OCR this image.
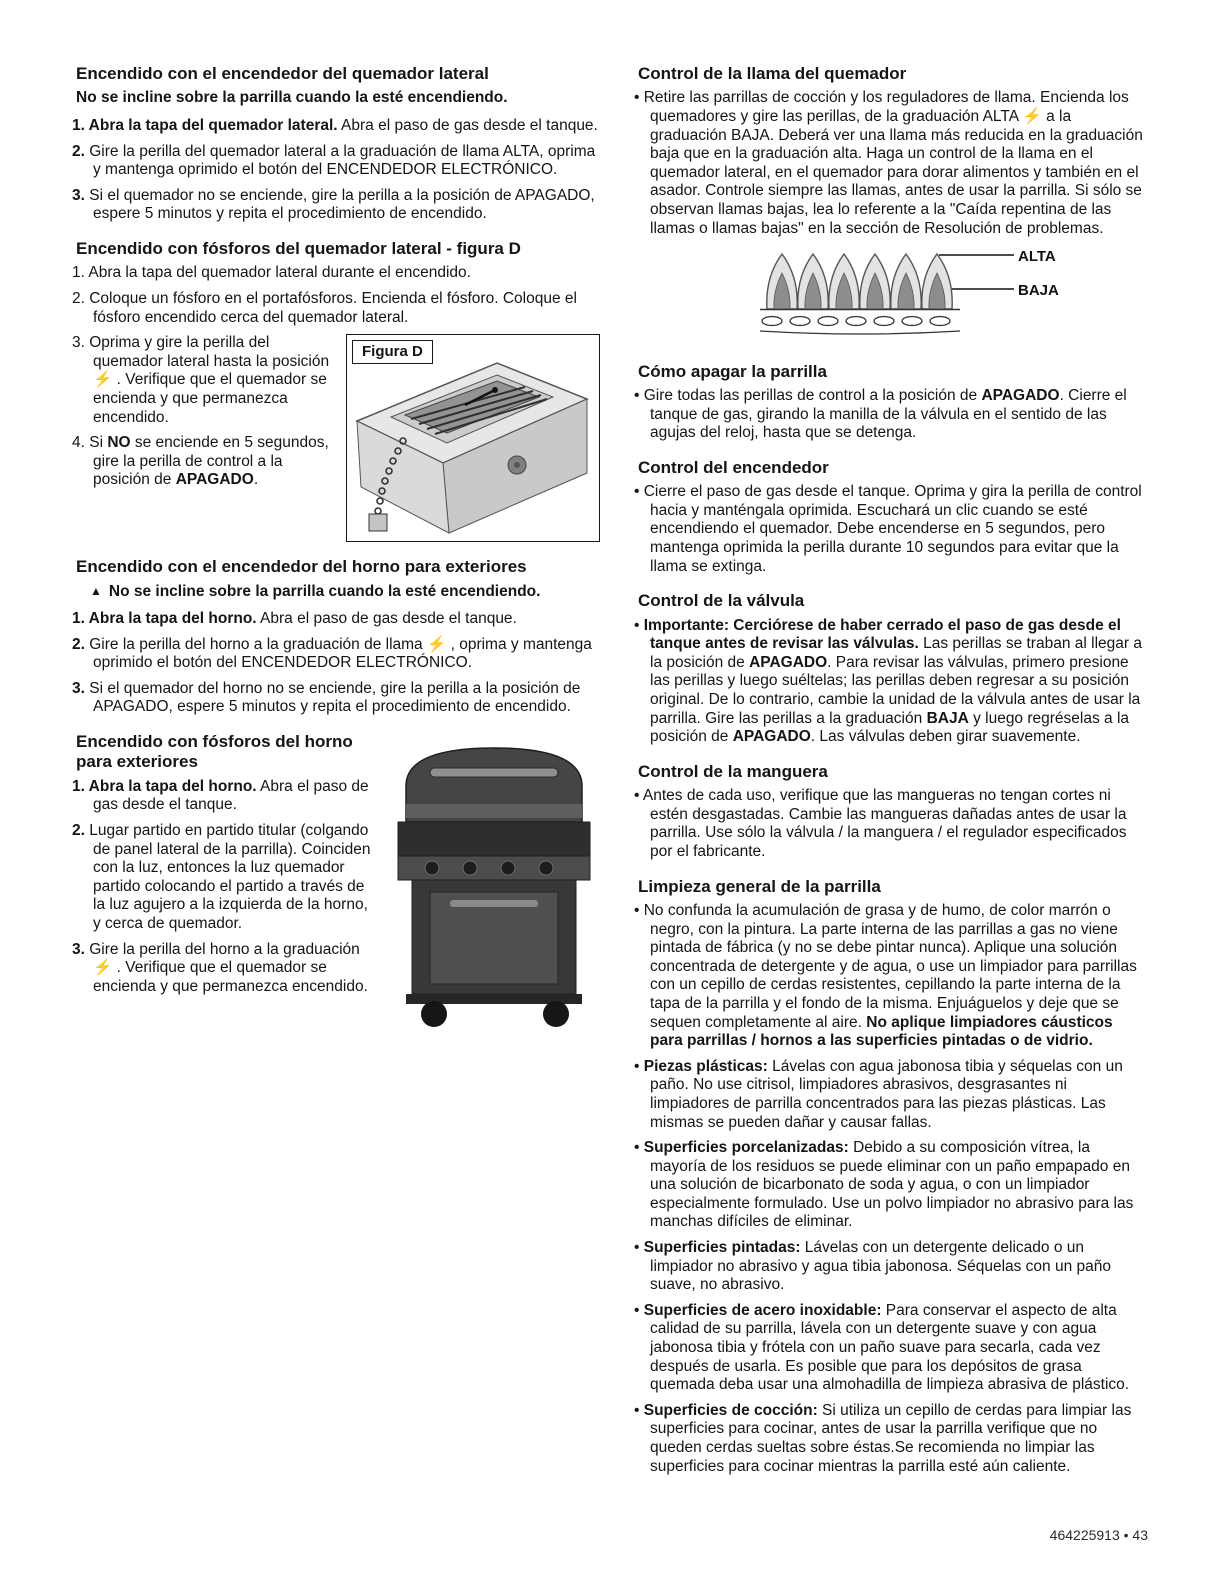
Encendido con el encendedor del quemador lateral
No se incline sobre la parrilla cuando la esté encendiendo.
1. Abra la tapa del quemador lateral. Abra el paso de gas desde el tanque.
2. Gire la perilla del quemador lateral a la graduación de llama ALTA, oprima y mantenga oprimido el botón del ENCENDEDOR ELECTRÓNICO.
3. Si el quemador no se enciende, gire la perilla a la posición de APAGADO, espere 5 minutos y repita el procedimiento de encendido.
Encendido con fósforos del quemador lateral - figura D
1. Abra la tapa del quemador lateral durante el encendido.
2. Coloque un fósforo en el portafósforos. Encienda el fósforo. Coloque el fósforo encendido cerca del quemador lateral.
3. Oprima y gire la perilla del quemador lateral hasta la posición ⚡ . Verifique que el quemador se encienda y que permanezca encendido.
4. Si NO se enciende en 5 segundos, gire la perilla de control a la posición de APAGADO.
Figura D
Encendido con el encendedor del horno para exteriores
▲ No se incline sobre la parrilla cuando la esté encendiendo.
1. Abra la tapa del horno. Abra el paso de gas desde el tanque.
2. Gire la perilla del horno a la graduación de llama ⚡ , oprima y mantenga oprimido el botón del ENCENDEDOR ELECTRÓNICO.
3. Si el quemador del horno no se enciende, gire la perilla a la posición de APAGADO, espere 5 minutos y repita el procedimiento de encendido.
Encendido con fósforos del horno para exteriores
1. Abra la tapa del horno. Abra el paso de gas desde el tanque.
2. Lugar partido en partido titular (colgando de panel lateral de la parrilla). Coinciden con la luz, entonces la luz quemador partido colocando el partido a través de la luz agujero a la izquierda de la horno, y cerca de quemador.
3. Gire la perilla del horno a la graduación ⚡ . Verifique que el quemador se encienda y que permanezca encendido.
Control de la llama del quemador
• Retire las parrillas de cocción y los reguladores de llama. Encienda los quemadores y gire las perillas, de la graduación ALTA ⚡ a la graduación BAJA. Deberá ver una llama más reducida en la graduación baja que en la graduación alta. Haga un control de la llama en el quemador lateral, en el quemador para dorar alimentos y también en el asador. Controle siempre las llamas, antes de usar la parrilla. Si sólo se observan llamas bajas, lea lo referente a la "Caída repentina de las llamas o llamas bajas" en la sección de Resolución de problemas.
ALTA
BAJA
Cómo apagar la parrilla
• Gire todas las perillas de control a la posición de APAGADO. Cierre el tanque de gas, girando la manilla de la válvula en el sentido de las agujas del reloj, hasta que se detenga.
Control del encendedor
• Cierre el paso de gas desde el tanque. Oprima y gira la perilla de control hacia y manténgala oprimida. Escuchará un clic cuando se esté encendiendo el quemador. Debe encenderse en 5 segundos, pero mantenga oprimida la perilla durante 10 segundos para evitar que la llama se extinga.
Control de la válvula
• Importante: Cerciórese de haber cerrado el paso de gas desde el tanque antes de revisar las válvulas. Las perillas se traban al llegar a la posición de APAGADO. Para revisar las válvulas, primero presione las perillas y luego suéltelas; las perillas deben regresar a su posición original. De lo contrario, cambie la unidad de la válvula antes de usar la parrilla. Gire las perillas a la graduación BAJA y luego regréselas a la posición de APAGADO. Las válvulas deben girar suavemente.
Control de la manguera
• Antes de cada uso, verifique que las mangueras no tengan cortes ni estén desgastadas. Cambie las mangueras dañadas antes de usar la parrilla. Use sólo la válvula / la manguera / el regulador especificados por el fabricante.
Limpieza general de la parrilla
• No confunda la acumulación de grasa y de humo, de color marrón o negro, con la pintura. La parte interna de las parrillas a gas no viene pintada de fábrica (y no se debe pintar nunca). Aplique una solución concentrada de detergente y de agua, o use un limpiador para parrillas con un cepillo de cerdas resistentes, cepillando la parte interna de la tapa de la parrilla y el fondo de la misma. Enjuáguelos y deje que se sequen completamente al aire. No aplique limpiadores cáusticos para parrillas / hornos a las superficies pintadas o de vidrio.
• Piezas plásticas: Lávelas con agua jabonosa tibia y séquelas con un paño. No use citrisol, limpiadores abrasivos, desgrasantes ni limpiadores de parrilla concentrados para las piezas plásticas. Las mismas se pueden dañar y causar fallas.
• Superficies porcelanizadas: Debido a su composición vítrea, la mayoría de los residuos se puede eliminar con un paño empapado en una solución de bicarbonato de soda y agua, o con un limpiador especialmente formulado. Use un polvo limpiador no abrasivo para las manchas difíciles de eliminar.
• Superficies pintadas: Lávelas con un detergente delicado o un limpiador no abrasivo y agua tibia jabonosa. Séquelas con un paño suave, no abrasivo.
• Superficies de acero inoxidable: Para conservar el aspecto de alta calidad de su parrilla, lávela con un detergente suave y con agua jabonosa tibia y frótela con un paño suave para secarla, cada vez después de usarla. Es posible que para los depósitos de grasa quemada deba usar una almohadilla de limpieza abrasiva de plástico.
• Superficies de cocción: Si utiliza un cepillo de cerdas para limpiar las superficies para cocinar, antes de usar la parrilla verifique que no queden cerdas sueltas sobre éstas.Se recomienda no limpiar las superficies para cocinar mientras la parrilla esté aún caliente.
464225913 • 43
